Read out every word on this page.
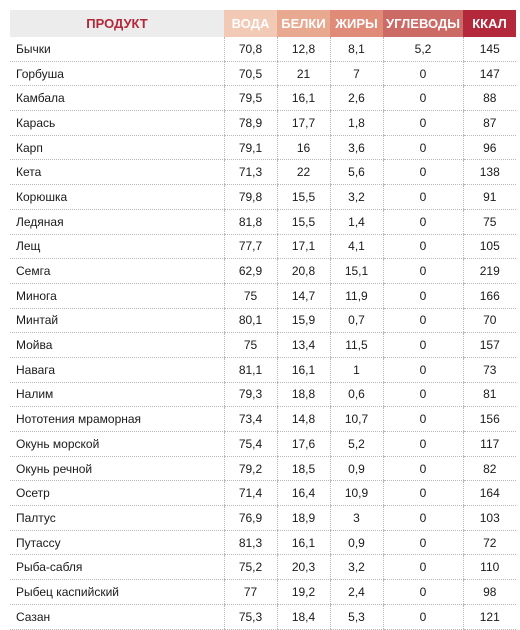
ПРОДУКТ	ВОДА	БЕЛКИ	ЖИРЫ	УГЛЕВОДЫ	ККАЛ
Бычки	70,8	12,8	8,1	5,2	145
Горбуша	70,5	21	7	0	147
Камбала	79,5	16,1	2,6	0	88
Карась	78,9	17,7	1,8	0	87
Карп	79,1	16	3,6	0	96
Кета	71,3	22	5,6	0	138
Корюшка	79,8	15,5	3,2	0	91
Ледяная	81,8	15,5	1,4	0	75
Лещ	77,7	17,1	4,1	0	105
Семга	62,9	20,8	15,1	0	219
Минога	75	14,7	11,9	0	166
Минтай	80,1	15,9	0,7	0	70
Мойва	75	13,4	11,5	0	157
Навага	81,1	16,1	1	0	73
Налим	79,3	18,8	0,6	0	81
Нототения мраморная	73,4	14,8	10,7	0	156
Окунь морской	75,4	17,6	5,2	0	117
Окунь речной	79,2	18,5	0,9	0	82
Осетр	71,4	16,4	10,9	0	164
Палтус	76,9	18,9	3	0	103
Путассу	81,3	16,1	0,9	0	72
Рыба-сабля	75,2	20,3	3,2	0	110
Рыбец каспийский	77	19,2	2,4	0	98
Сазан	75,3	18,4	5,3	0	121
